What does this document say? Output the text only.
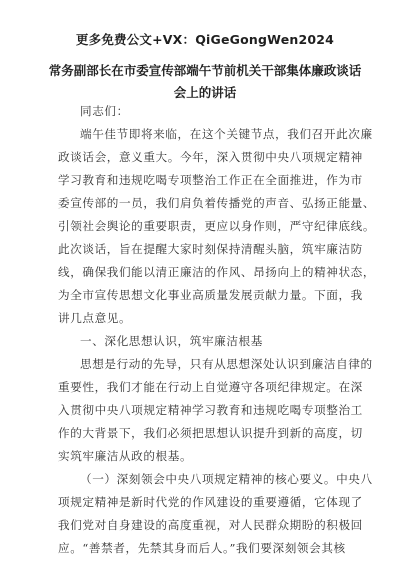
更多免费公文+VX：QiGeGongWen2024
常务副部长在市委宣传部端午节前机关干部集体廉政谈话
会上的讲话
同志们：
端午佳节即将来临，在这个关键节点，我们召开此次廉
政谈话会，意义重大。今年，深入贯彻中央八项规定精神
学习教育和违规吃喝专项整治工作正在全面推进，作为市
委宣传部的一员，我们肩负着传播党的声音、弘扬正能量、
引领社会舆论的重要职责，更应以身作则，严守纪律底线。
此次谈话，旨在提醒大家时刻保持清醒头脑，筑牢廉洁防
线，确保我们能以清正廉洁的作风、昂扬向上的精神状态，
为全市宣传思想文化事业高质量发展贡献力量。下面，我
讲几点意见。
一、深化思想认识，筑牢廉洁根基
思想是行动的先导，只有从思想深处认识到廉洁自律的
重要性，我们才能在行动上自觉遵守各项纪律规定。在深
入贯彻中央八项规定精神学习教育和违规吃喝专项整治工
作的大背景下，我们必须把思想认识提升到新的高度，切
实筑牢廉洁从政的根基。
（一）深刻领会中央八项规定精神的核心要义。中央八
项规定精神是新时代党的作风建设的重要遵循，它体现了
我们党对自身建设的高度重视，对人民群众期盼的积极回
应。“善禁者，先禁其身而后人。”我们要深刻领会其核
